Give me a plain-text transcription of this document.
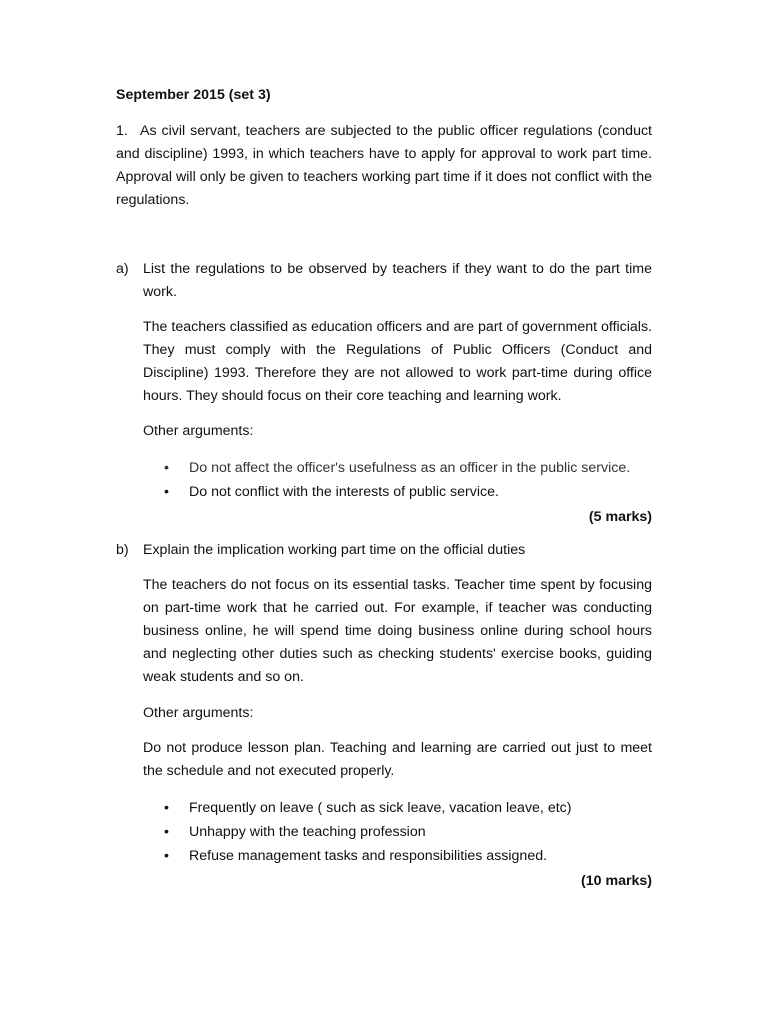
September 2015 (set 3)
1. As civil servant, teachers are subjected to the public officer regulations (conduct and discipline) 1993, in which teachers have to apply for approval to work part time. Approval will only be given to teachers working part time if it does not conflict with the regulations.
a)	List the regulations to be observed by teachers if they want to do the part time work.
The teachers classified as education officers and are part of government officials. They must comply with the Regulations of Public Officers (Conduct and Discipline) 1993. Therefore they are not allowed to work part-time during office hours. They should focus on their core teaching and learning work.
Other arguments:
• Do not affect the officer's usefulness as an officer in the public service.
• Do not conflict with the interests of public service.
(5 marks)
b)	Explain the implication working part time on the official duties
The teachers do not focus on its essential tasks. Teacher time spent by focusing on part-time work that he carried out. For example, if teacher was conducting business online, he will spend time doing business online during school hours and neglecting other duties such as checking students' exercise books, guiding weak students and so on.
Other arguments:
Do not produce lesson plan. Teaching and learning are carried out just to meet the schedule and not executed properly.
• Frequently on leave ( such as sick leave, vacation leave, etc)
• Unhappy with the teaching profession
• Refuse management tasks and responsibilities assigned.
(10 marks)
